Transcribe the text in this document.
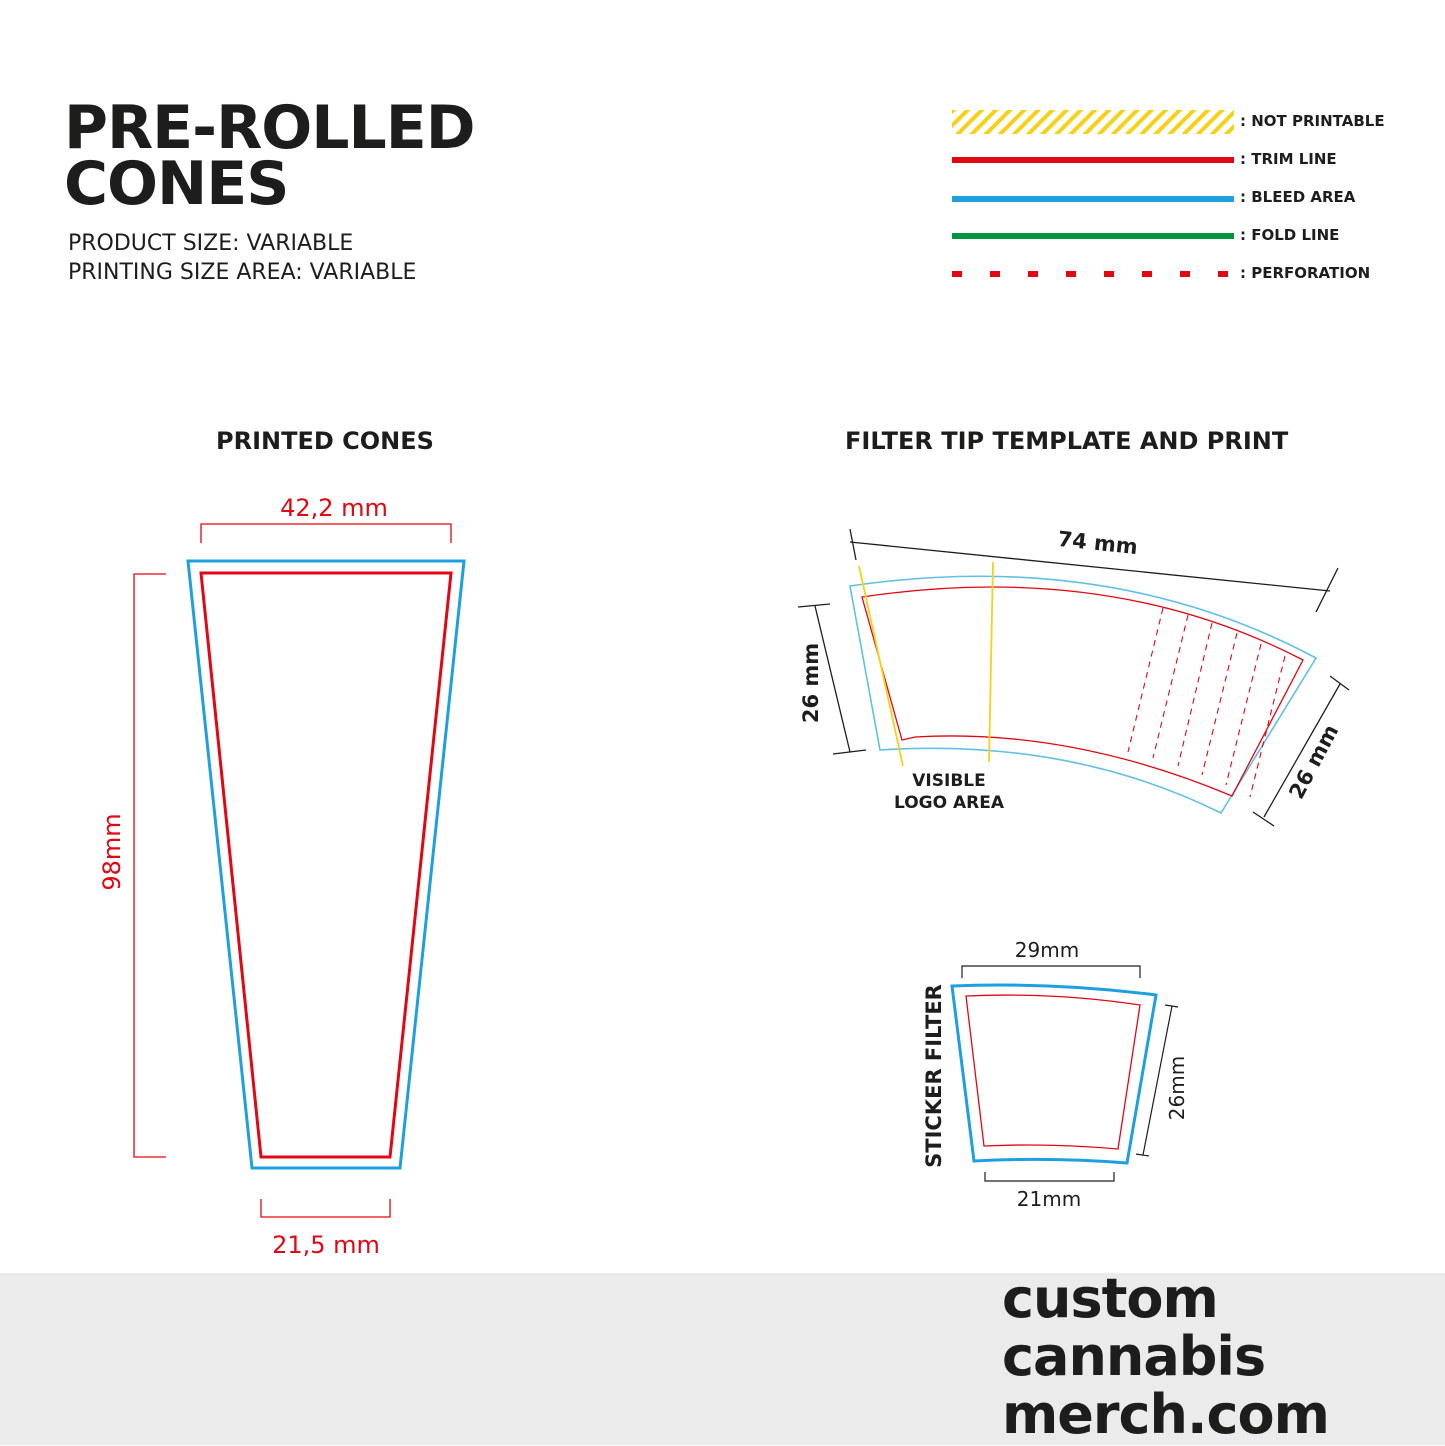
PRE-ROLLED
CONES
PRODUCT SIZE: VARIABLE
PRINTING SIZE AREA: VARIABLE
: NOT PRINTABLE
: TRIM LINE
: BLEED AREA
: FOLD LINE
: PERFORATION
PRINTED CONES	FILTER TIP TEMPLATE AND PRINT
custom
cannabis
merch.com
42,2 mm
98mm
21,5 mm
74 mm
26 mm
26 mm
VISIBLE
LOGO AREA
29mm
26mm
21mm
STICKER FILTER
